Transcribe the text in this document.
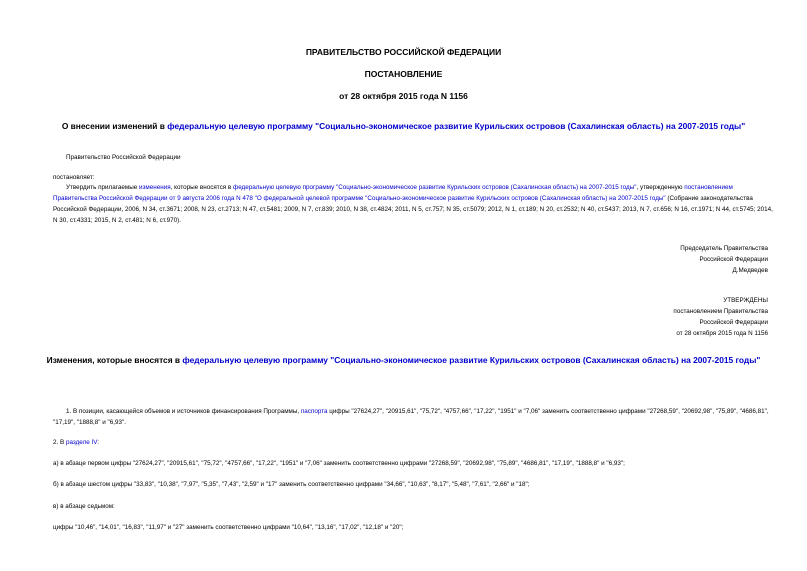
ПРАВИТЕЛЬСТВО РОССИЙСКОЙ ФЕДЕРАЦИИ
ПОСТАНОВЛЕНИЕ
от 28 октября 2015 года N 1156
О внесении изменений в федеральную целевую программу "Социально-экономическое развитие Курильских островов (Сахалинская область) на 2007-2015 годы"
Правительство Российской Федерации
постановляет:
Утвердить прилагаемые изменения, которые вносятся в федеральную целевую программу "Социально-экономическое развитие Курильских островов (Сахалинская область) на 2007-2015 годы", утвержденную постановлением Правительства Российской Федерации от 9 августа 2006 года N 478 "О федеральной целевой программе "Социально-экономическое развитие Курильских островов (Сахалинская область) на 2007-2015 годы" (Собрание законодательства Российской Федерации, 2006, N 34, ст.3671; 2008, N 23, ст.2713; N 47, ст.5481; 2009, N 7, ст.839; 2010, N 38, ст.4824; 2011, N 5, ст.757; N 35, ст.5079; 2012, N 1, ст.189; N 20, ст.2532; N 40, ст.5437; 2013, N 7, ст.656; N 16, ст.1971; N 44, ст.5745; 2014, N 30, ст.4331; 2015, N 2, ст.481; N 6, ст.970).
Председатель Правительства
Российской Федерации
Д.Медведев
УТВЕРЖДЕНЫ
постановлением Правительства
Российской Федерации
от 28 октября 2015 года N 1156
Изменения, которые вносятся в федеральную целевую программу "Социально-экономическое развитие Курильских островов (Сахалинская область) на 2007-2015 годы"
1. В позиции, касающейся объемов и источников финансирования Программы, паспорта цифры "27624,27", "20915,61", "75,72", "4757,66", "17,22", "1951" и "7,06" заменить соответственно цифрами "27268,59", "20692,98", "75,89", "4686,81", "17,19", "1888,8" и "6,93".
2. В разделе IV:
а) в абзаце первом цифры "27624,27", "20915,61", "75,72", "4757,66", "17,22", "1951" и "7,06" заменить соответственно цифрами "27268,59", "20692,98", "75,89", "4686,81", "17,19", "1888,8" и "6,93";
б) в абзаце шестом цифры "33,83", "10,38", "7,97", "5,35", "7,43", "2,59" и "17" заменить соответственно цифрами "34,66", "10,63", "8,17", "5,48", "7,61", "2,66" и "18";
в) в абзаце седьмом:
цифры "10,46", "14,01", "16,83", "11,97" и "27" заменить соответственно цифрами "10,64", "13,16", "17,02", "12,18" и "20";
